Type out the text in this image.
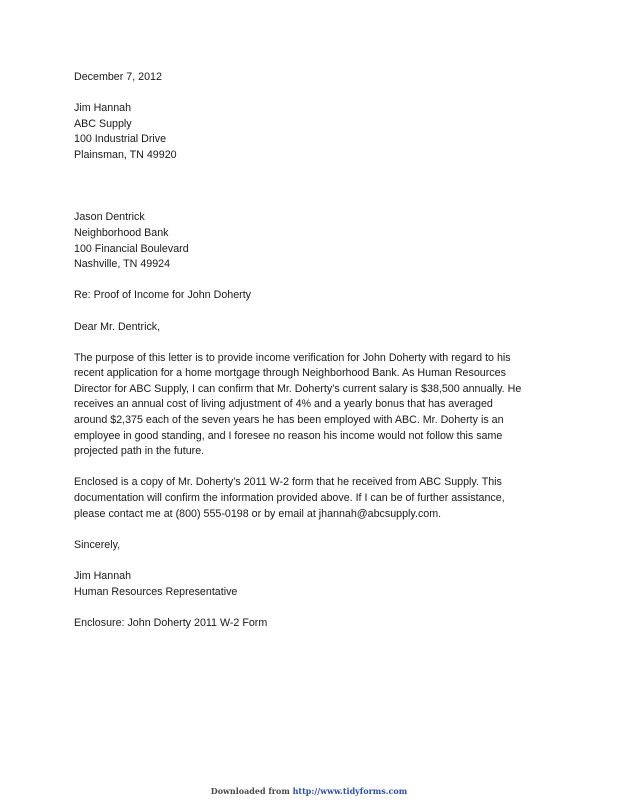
December 7, 2012
Jim Hannah
ABC Supply
100 Industrial Drive
Plainsman, TN 49920
Jason Dentrick
Neighborhood Bank
100 Financial Boulevard
Nashville, TN 49924
Re: Proof of Income for John Doherty
Dear Mr. Dentrick,
The purpose of this letter is to provide income verification for John Doherty with regard to his
recent application for a home mortgage through Neighborhood Bank. As Human Resources
Director for ABC Supply, I can confirm that Mr. Doherty’s current salary is $38,500 annually. He
receives an annual cost of living adjustment of 4% and a yearly bonus that has averaged
around $2,375 each of the seven years he has been employed with ABC. Mr. Doherty is an
employee in good standing, and I foresee no reason his income would not follow this same
projected path in the future.
Enclosed is a copy of Mr. Doherty’s 2011 W-2 form that he received from ABC Supply. This
documentation will confirm the information provided above. If I can be of further assistance,
please contact me at (800) 555-0198 or by email at jhannah@abcsupply.com.
Sincerely,
Jim Hannah
Human Resources Representative
Enclosure: John Doherty 2011 W-2 Form
Downloaded from http://www.tidyforms.com
